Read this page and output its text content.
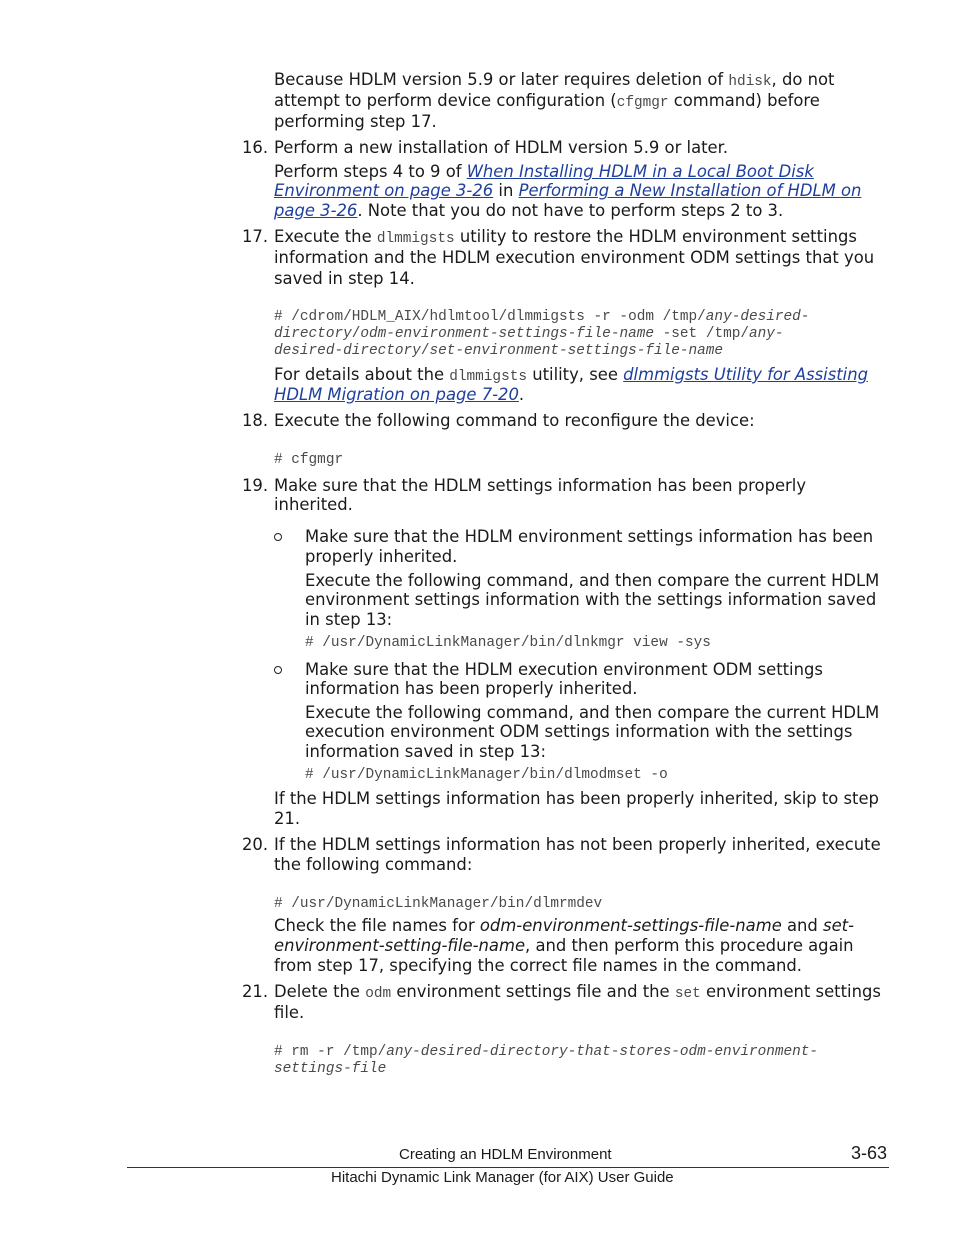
Because HDLM version 5.9 or later requires deletion of hdisk, do not
attempt to perform device configuration (cfgmgr command) before
performing step 17.
16. Perform a new installation of HDLM version 5.9 or later.
Perform steps 4 to 9 of When Installing HDLM in a Local Boot Disk
Environment on page 3-26 in Performing a New Installation of HDLM on
page 3-26. Note that you do not have to perform steps 2 to 3.
17. Execute the dlmmigsts utility to restore the HDLM environment settings
information and the HDLM execution environment ODM settings that you
saved in step 14.
# /cdrom/HDLM_AIX/hdlmtool/dlmmigsts -r -odm /tmp/any-desired-
directory/odm-environment-settings-file-name -set /tmp/any-
desired-directory/set-environment-settings-file-name
For details about the dlmmigsts utility, see dlmmigsts Utility for Assisting
HDLM Migration on page 7-20.
18. Execute the following command to reconfigure the device:
# cfgmgr
19. Make sure that the HDLM settings information has been properly
inherited.
Make sure that the HDLM environment settings information has been
properly inherited.
Execute the following command, and then compare the current HDLM
environment settings information with the settings information saved
in step 13:
# /usr/DynamicLinkManager/bin/dlnkmgr view -sys
Make sure that the HDLM execution environment ODM settings
information has been properly inherited.
Execute the following command, and then compare the current HDLM
execution environment ODM settings information with the settings
information saved in step 13:
# /usr/DynamicLinkManager/bin/dlmodmset -o
If the HDLM settings information has been properly inherited, skip to step
21.
20. If the HDLM settings information has not been properly inherited, execute
the following command:
# /usr/DynamicLinkManager/bin/dlmrmdev
Check the file names for odm-environment-settings-file-name and set-
environment-setting-file-name, and then perform this procedure again
from step 17, specifying the correct file names in the command.
21. Delete the odm environment settings file and the set environment settings
file.
# rm -r /tmp/any-desired-directory-that-stores-odm-environment-
settings-file
Creating an HDLM Environment	3-63
Hitachi Dynamic Link Manager (for AIX) User Guide
